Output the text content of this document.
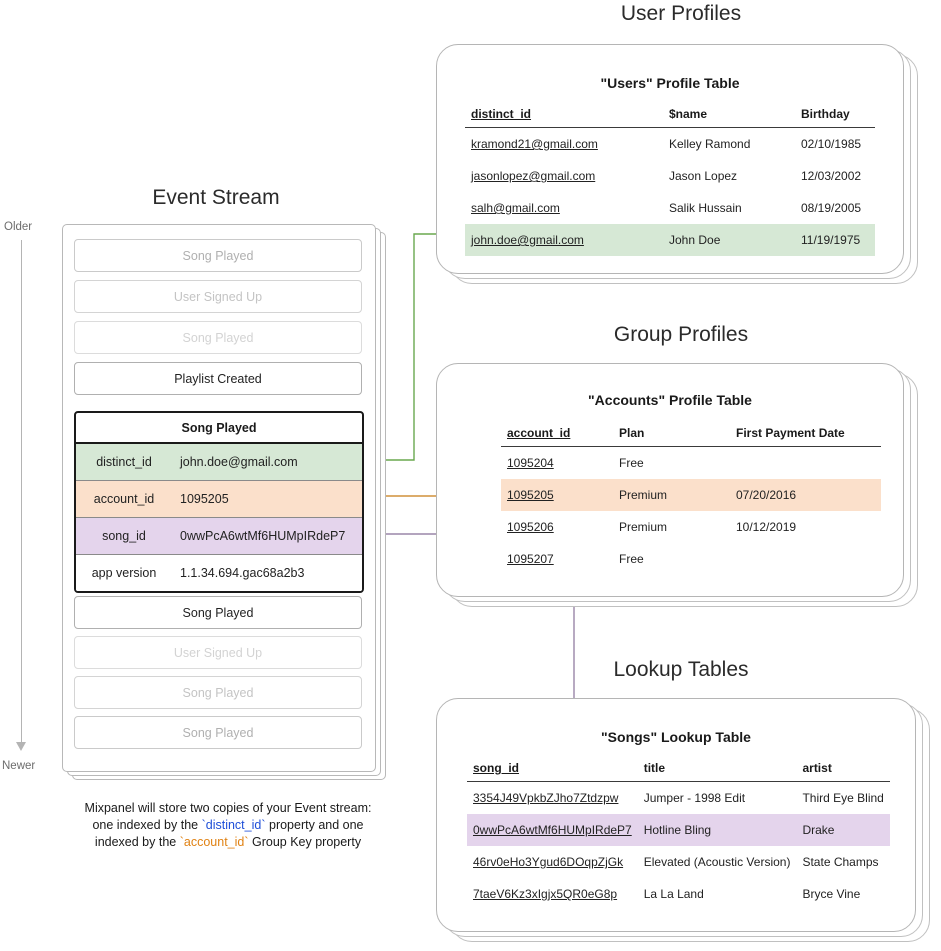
Older
Newer
Event Stream
Song Played
User Signed Up
Song Played
Playlist Created
Song Played
distinct_id	john.doe@gmail.com
account_id	1095205
song_id	0wwPcA6wtMf6HUMpIRdeP7
app version	1.1.34.694.gac68a2b3
Song Played
User Signed Up
Song Played
Song Played
Mixpanel will store two copies of your Event stream:
one indexed by the `distinct_id` property and one
indexed by the `account_id` Group Key property
User Profiles
"Users" Profile Table
distinct_id	$name	Birthday
kramond21@gmail.com	Kelley Ramond	02/10/1985
jasonlopez@gmail.com	Jason Lopez	12/03/2002
salh@gmail.com	Salik Hussain	08/19/2005
john.doe@gmail.com	John Doe	11/19/1975
Group Profiles
"Accounts" Profile Table
account_id	Plan	First Payment Date
1095204	Free	
1095205	Premium	07/20/2016
1095206	Premium	10/12/2019
1095207	Free	
Lookup Tables
"Songs" Lookup Table
song_id	title	artist
3354J49VpkbZJho7Ztdzpw	Jumper - 1998 Edit	Third Eye Blind
0wwPcA6wtMf6HUMpIRdeP7	Hotline Bling	Drake
46rv0eHo3Ygud6DOqpZjGk	Elevated (Acoustic Version)	State Champs
7taeV6Kz3xIgjx5QR0eG8p	La La Land	Bryce Vine
